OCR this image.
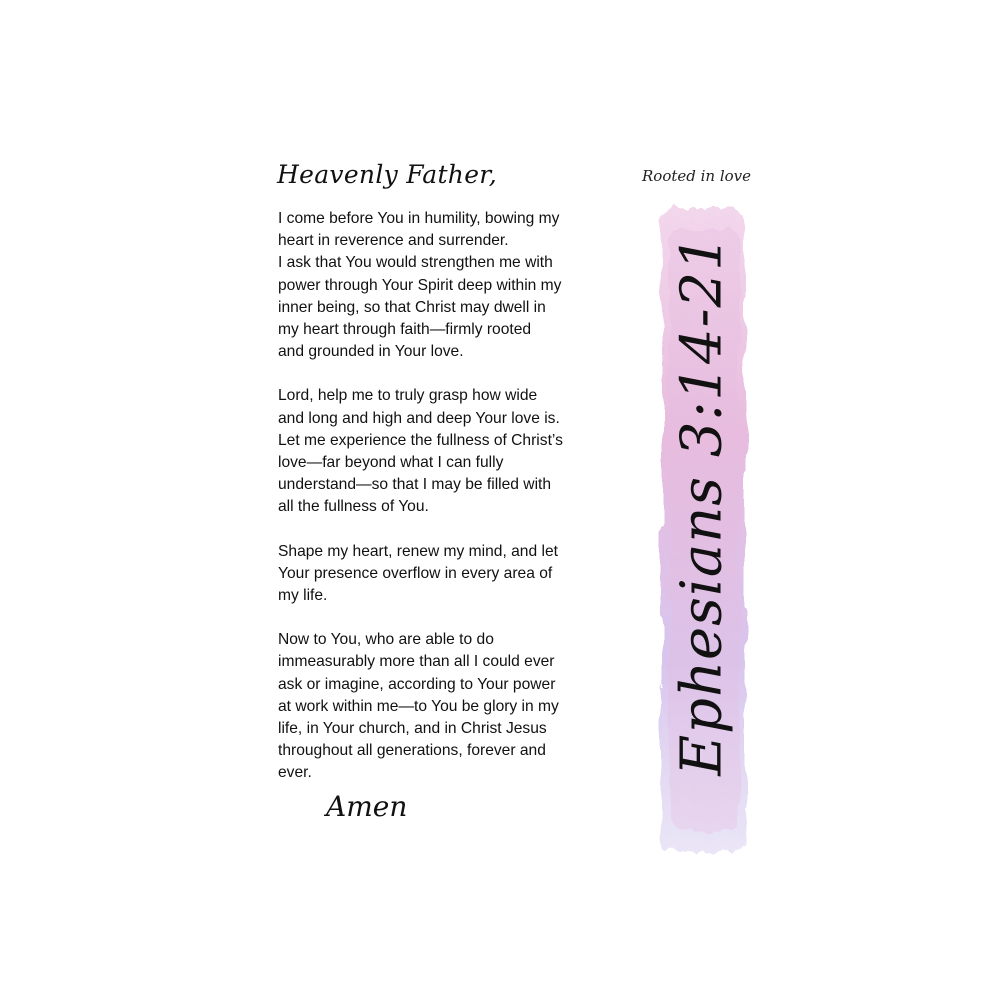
Heavenly Father,

I come before You in humility, bowing my
heart in reverence and surrender.
I ask that You would strengthen me with
power through Your Spirit deep within my
inner being, so that Christ may dwell in
my heart through faith—firmly rooted
and grounded in Your love.

Lord, help me to truly grasp how wide
and long and high and deep Your love is.
Let me experience the fullness of Christ’s
love—far beyond what I can fully
understand—so that I may be filled with
all the fullness of You.

Shape my heart, renew my mind, and let
Your presence overflow in every area of
my life.

Now to You, who are able to do
immeasurably more than all I could ever
ask or imagine, according to Your power
at work within me—to You be glory in my
life, in Your church, and in Christ Jesus
throughout all generations, forever and
ever.

Amen
Rooted in love
Ephesians 3:14-21
